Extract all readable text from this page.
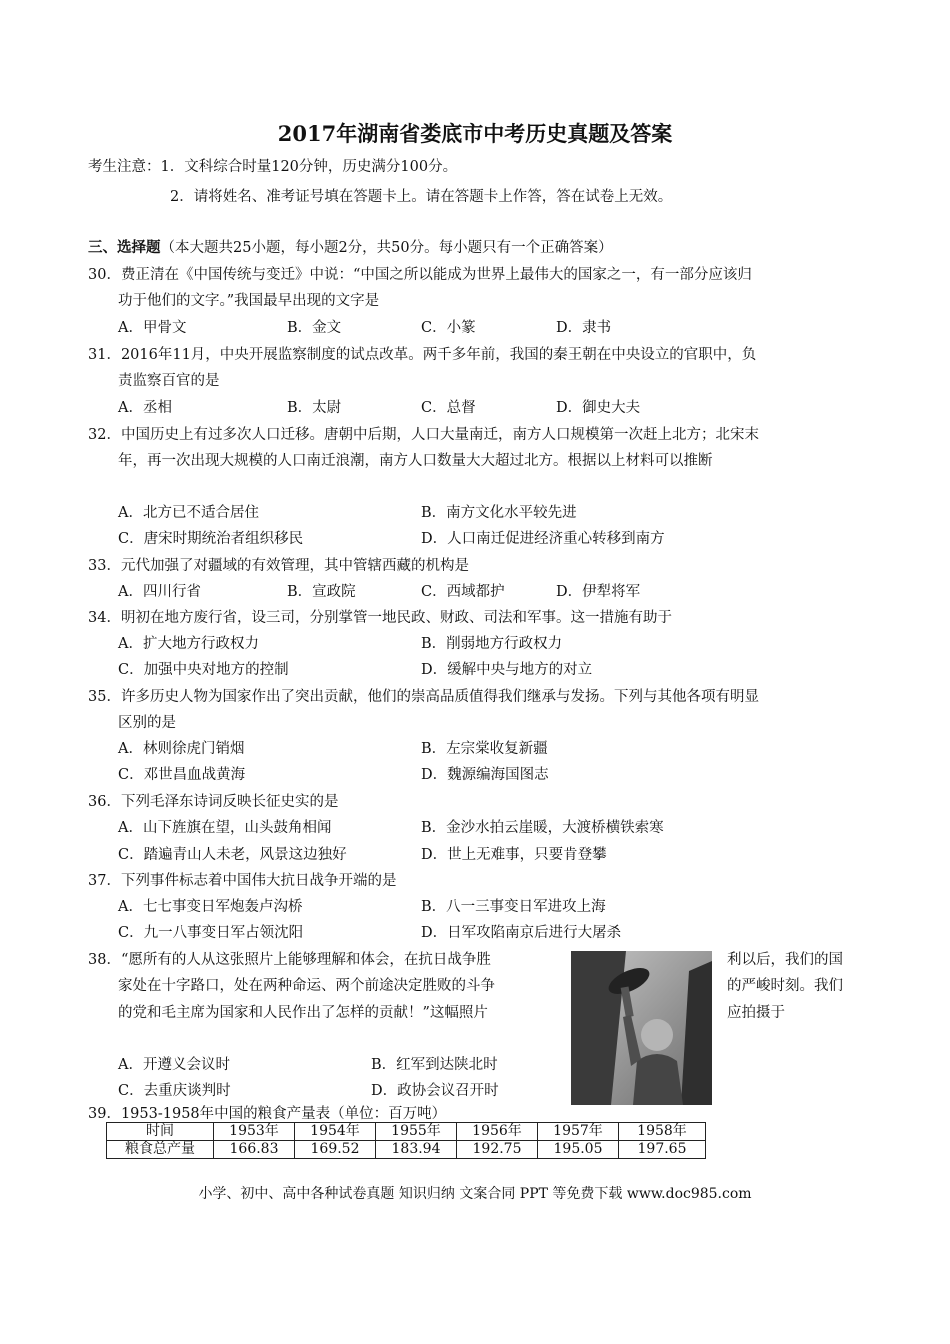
2017年湖南省娄底市中考历史真题及答案
考生注意：1．文科综合时量120分钟，历史满分100分。
2．请将姓名、准考证号填在答题卡上。请在答题卡上作答，答在试卷上无效。
三、选择题（本大题共25小题，每小题2分，共50分。每小题只有一个正确答案）
30．费正清在《中国传统与变迁》中说：“中国之所以能成为世界上最伟大的国家之一，有一部分应该归
功于他们的文字。”我国最早出现的文字是
A．甲骨文	B．金文	C．小篆	D．隶书
31．2016年11月，中央开展监察制度的试点改革。两千多年前，我国的秦王朝在中央设立的官职中，负
责监察百官的是
A．丞相	B．太尉	C．总督	D．御史大夫
32．中国历史上有过多次人口迁移。唐朝中后期，人口大量南迁，南方人口规模第一次赶上北方；北宋末
年，再一次出现大规模的人口南迁浪潮，南方人口数量大大超过北方。根据以上材料可以推断
A．北方已不适合居住	B．南方文化水平较先进
C．唐宋时期统治者组织移民	D．人口南迁促进经济重心转移到南方
33．元代加强了对疆域的有效管理，其中管辖西藏的机构是
A．四川行省	B．宣政院	C．西域都护	D．伊犁将军
34．明初在地方废行省，设三司，分别掌管一地民政、财政、司法和军事。这一措施有助于
A．扩大地方行政权力	B．削弱地方行政权力
C．加强中央对地方的控制	D．缓解中央与地方的对立
35．许多历史人物为国家作出了突出贡献，他们的崇高品质值得我们继承与发扬。下列与其他各项有明显
区别的是
A．林则徐虎门销烟	B．左宗棠收复新疆
C．邓世昌血战黄海	D．魏源编海国图志
36．下列毛泽东诗词反映长征史实的是
A．山下旌旗在望，山头鼓角相闻	B．金沙水拍云崖暖，大渡桥横铁索寒
C．踏遍青山人未老，风景这边独好	D．世上无难事，只要肯登攀
37．下列事件标志着中国伟大抗日战争开端的是
A．七七事变日军炮轰卢沟桥	B．八一三事变日军进攻上海
C．九一八事变日军占领沈阳	D．日军攻陷南京后进行大屠杀
38．“愿所有的人从这张照片上能够理解和体会，在抗日战争胜	利以后，我们的国
家处在十字路口，处在两种命运、两个前途决定胜败的斗争	的严峻时刻。我们
的党和毛主席为国家和人民作出了怎样的贡献！”这幅照片	应拍摄于
A．开遵义会议时	B．红军到达陕北时
C．去重庆谈判时	D．政协会议召开时
39．1953-1958年中国的粮食产量表（单位：百万吨）
时间	1953年	1954年	1955年	1956年	1957年	1958年
粮食总产量	166.83	169.52	183.94	192.75	195.05	197.65
小学、初中、高中各种试卷真题 知识归纳 文案合同 PPT 等免费下载 www.doc985.com
